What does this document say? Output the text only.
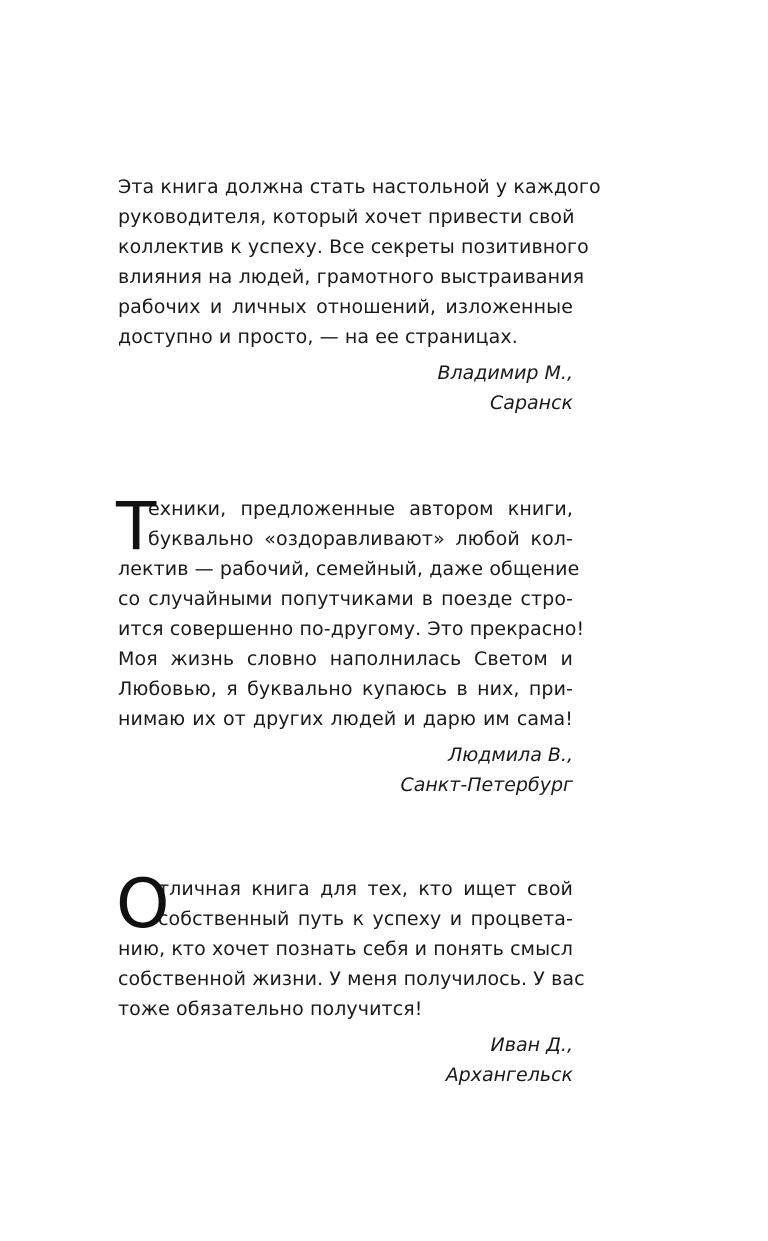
Эта книга должна стать настольной у каждого
руководителя, который хочет привести свой
коллектив к успеху. Все секреты позитивного
влияния на людей, грамотного выстраивания
рабочих и личных отношений, изложенные
доступно и просто, — на ее страницах.
Владимир М.,
Саранск
Т
ехники, предложенные автором книги,
буквально «оздоравливают» любой кол-
лектив — рабочий, семейный, даже общение
со случайными попутчиками в поезде стро-
ится совершенно по-другому. Это прекрасно!
Моя жизнь словно наполнилась Светом и
Любовью, я буквально купаюсь в них, при-
нимаю их от других людей и дарю им сама!
Людмила В.,
Санкт-Петербург
О
тличная книга для тех, кто ищет свой
собственный путь к успеху и процвета-
нию, кто хочет познать себя и понять смысл
собственной жизни. У меня получилось. У вас
тоже обязательно получится!
Иван Д.,
Архангельск
